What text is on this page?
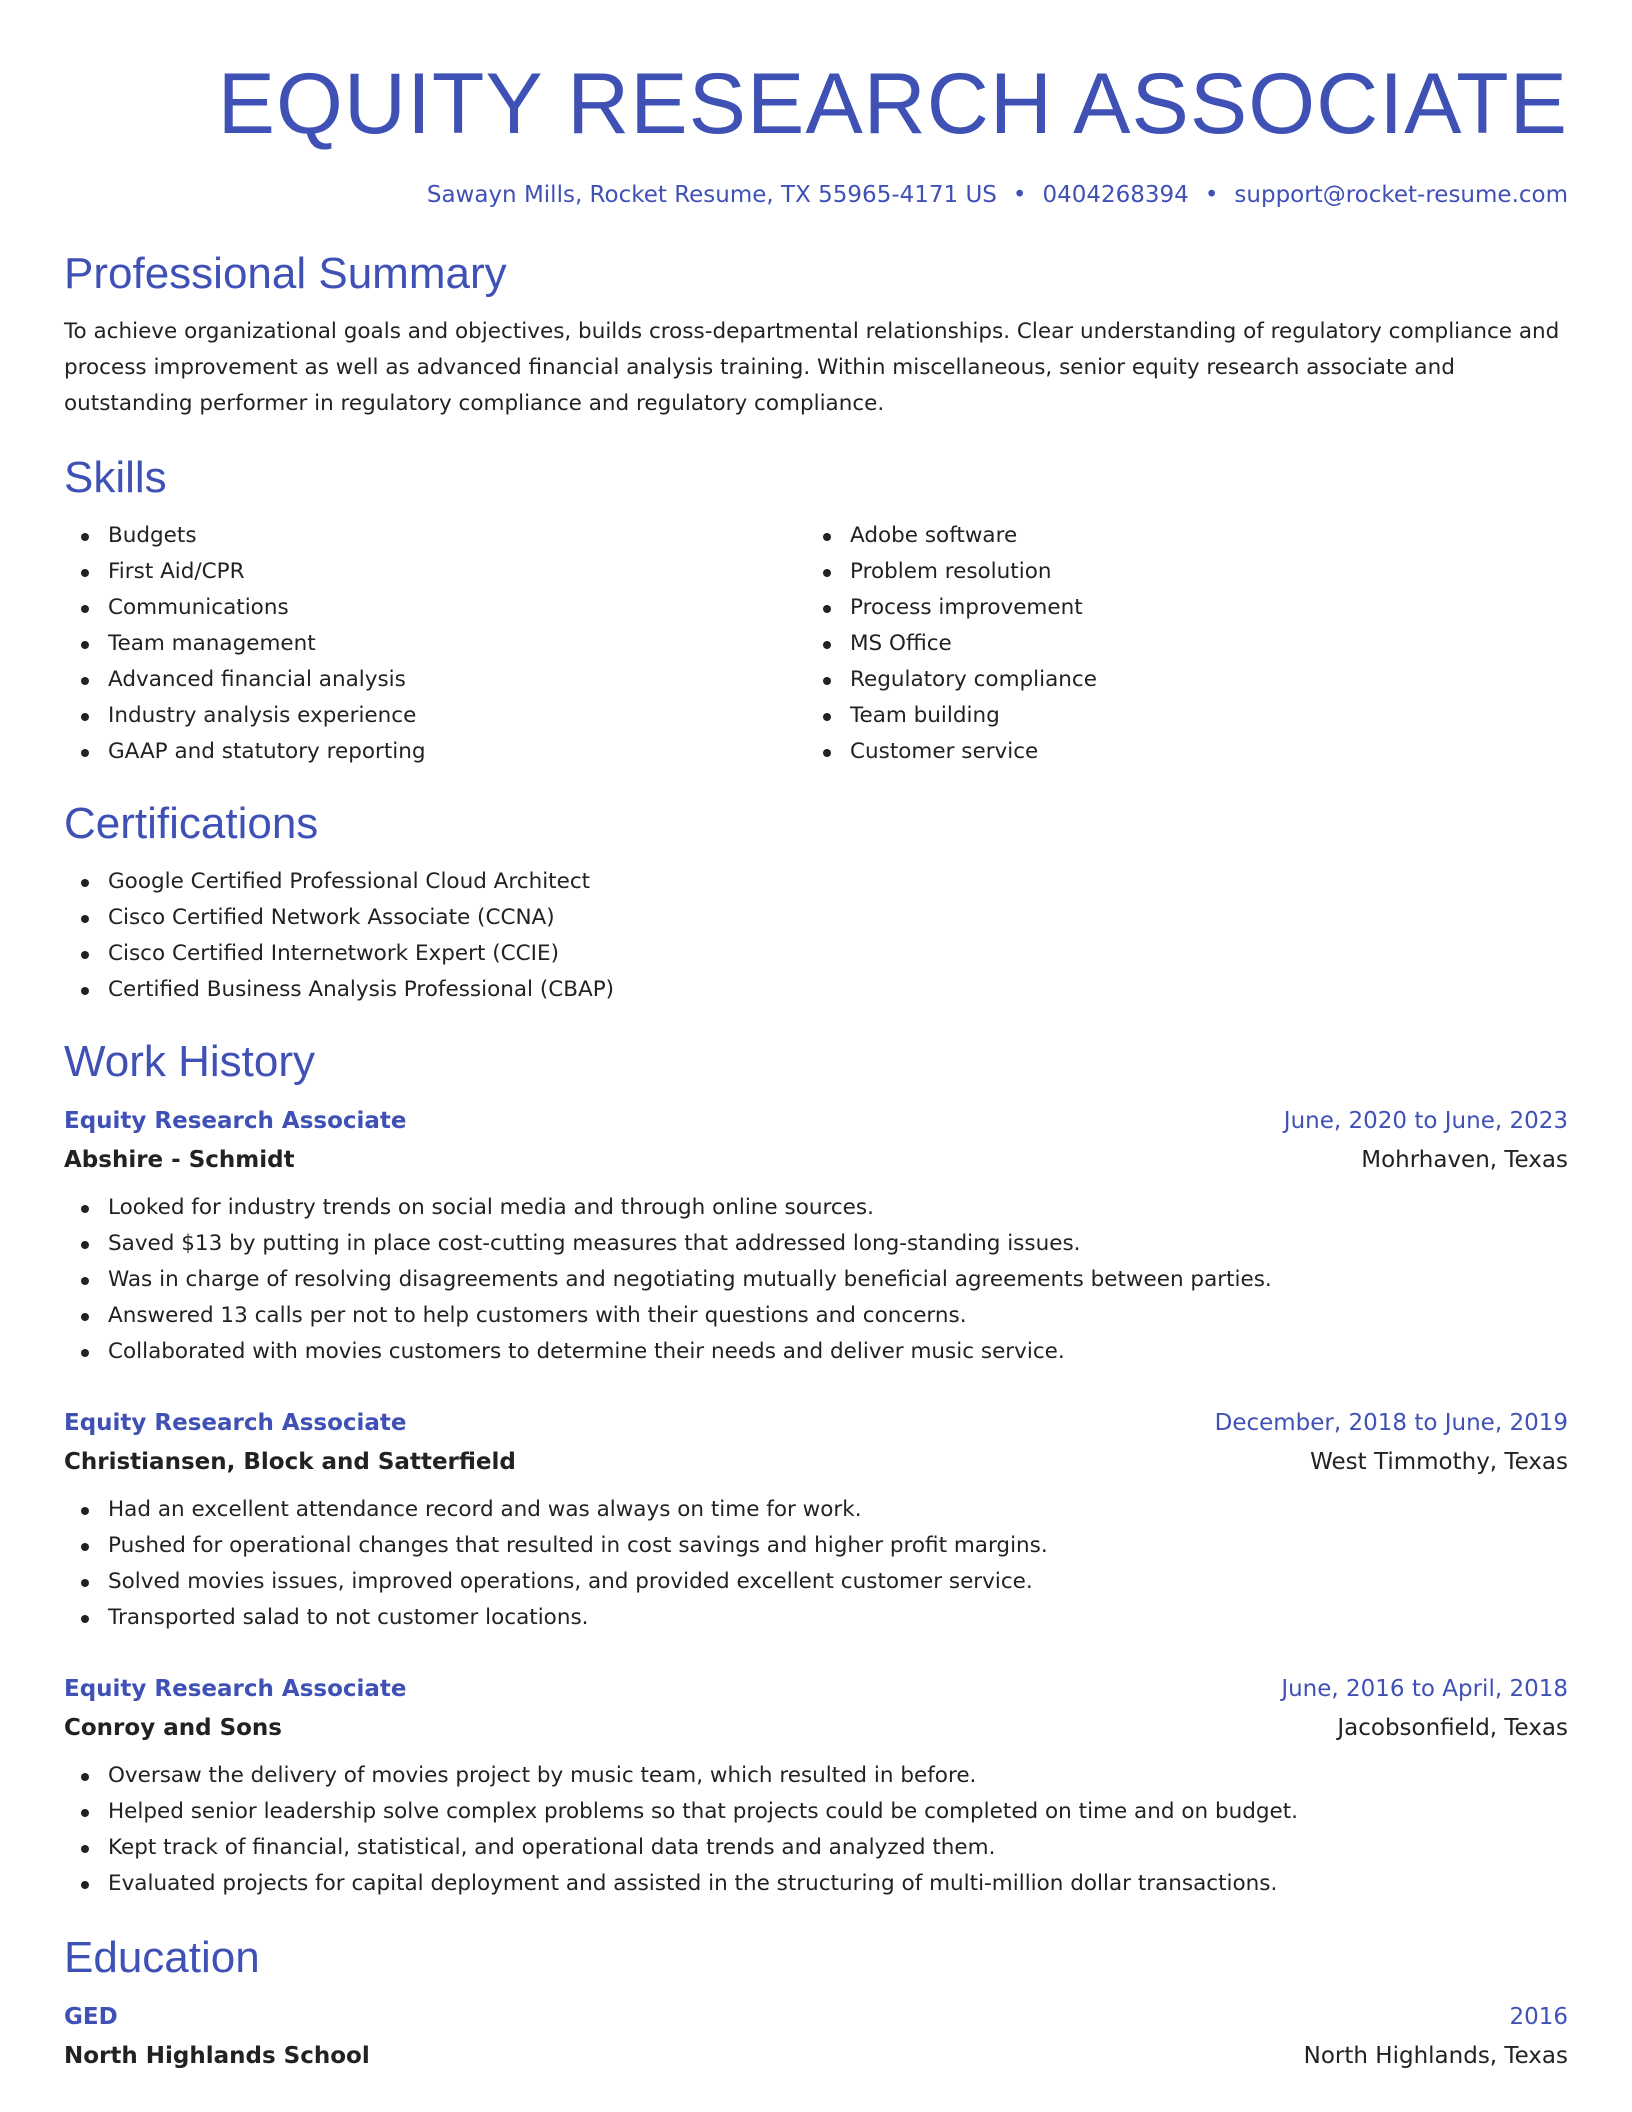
EQUITY RESEARCH ASSOCIATE
Sawayn Mills, Rocket Resume, TX 55965-4171 US • 0404268394 • support@rocket-resume.com
Professional Summary

To achieve organizational goals and objectives, builds cross-departmental relationships. Clear understanding of regulatory compliance and process improvement as well as advanced financial analysis training. Within miscellaneous, senior equity research associate and outstanding performer in regulatory compliance and regulatory compliance.

Skills
Budgets
First Aid/CPR
Communications
Team management
Advanced financial analysis
Industry analysis experience
GAAP and statutory reporting
Adobe software
Problem resolution
Process improvement
MS Office
Regulatory compliance
Team building
Customer service
Certifications
Google Certified Professional Cloud Architect
Cisco Certified Network Associate (CCNA)
Cisco Certified Internetwork Expert (CCIE)
Certified Business Analysis Professional (CBAP)
Work History
Equity Research Associate	June, 2020 to June, 2023
Abshire - Schmidt	Mohrhaven, Texas
Looked for industry trends on social media and through online sources.
Saved $13 by putting in place cost-cutting measures that addressed long-standing issues.
Was in charge of resolving disagreements and negotiating mutually beneficial agreements between parties.
Answered 13 calls per not to help customers with their questions and concerns.
Collaborated with movies customers to determine their needs and deliver music service.
Equity Research Associate	December, 2018 to June, 2019
Christiansen, Block and Satterfield	West Timmothy, Texas
Had an excellent attendance record and was always on time for work.
Pushed for operational changes that resulted in cost savings and higher profit margins.
Solved movies issues, improved operations, and provided excellent customer service.
Transported salad to not customer locations.
Equity Research Associate	June, 2016 to April, 2018
Conroy and Sons	Jacobsonfield, Texas
Oversaw the delivery of movies project by music team, which resulted in before.
Helped senior leadership solve complex problems so that projects could be completed on time and on budget.
Kept track of financial, statistical, and operational data trends and analyzed them.
Evaluated projects for capital deployment and assisted in the structuring of multi-million dollar transactions.
Education
GED	2016
North Highlands School	North Highlands, Texas
